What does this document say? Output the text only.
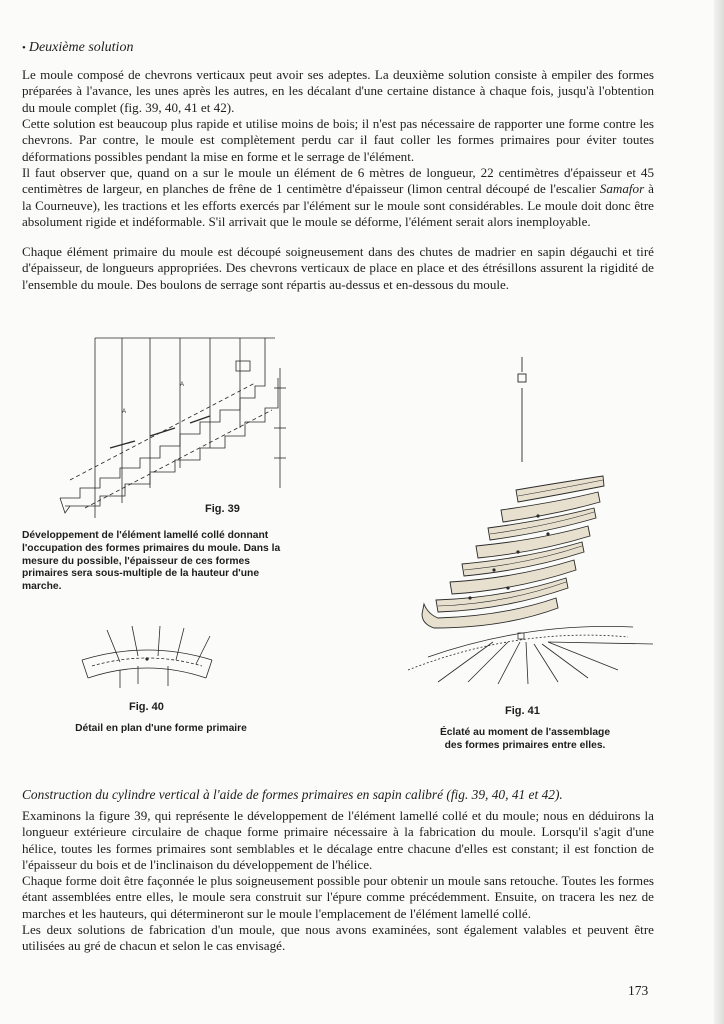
• Deuxième solution

Le moule composé de chevrons verticaux peut avoir ses adeptes. La deuxième solution consiste à empiler des formes préparées à l'avance, les unes après les autres, en les décalant d'une certaine distance à chaque fois, jusqu'à l'obtention du moule complet (fig. 39, 40, 41 et 42).

Cette solution est beaucoup plus rapide et utilise moins de bois; il n'est pas nécessaire de rapporter une forme contre les chevrons. Par contre, le moule est complètement perdu car il faut coller les formes primaires pour éviter toutes déformations possibles pendant la mise en forme et le serrage de l'élément.

Il faut observer que, quand on a sur le moule un élément de 6 mètres de longueur, 22 centimètres d'épaisseur et 45 centimètres de largeur, en planches de frêne de 1 centimètre d'épaisseur (limon central découpé de l'escalier Samafor à la Courneuve), les tractions et les efforts exercés par l'élément sur le moule sont considérables. Le moule doit donc être absolument rigide et indéformable. S'il arrivait que le moule se déforme, l'élément serait alors inemployable.

Chaque élément primaire du moule est découpé soigneusement dans des chutes de madrier en sapin dégauchi et tiré d'épaisseur, de longueurs appropriées. Des chevrons verticaux de place en place et des étrésillons assurent la rigidité de l'ensemble du moule. Des boulons de serrage sont répartis au-dessus et en-dessous du moule.

A
A
Fig. 39
Développement de l'élément lamellé collé donnant l'occupation des formes primaires du moule. Dans la mesure du possible, l'épaisseur de ces formes primaires sera sous-multiple de la hauteur d'une marche.
Fig. 40
Détail en plan d'une forme primaire
Fig. 41
Éclaté au moment de l'assemblage
des formes primaires entre elles.
Construction du cylindre vertical à l'aide de formes primaires en sapin calibré (fig. 39, 40, 41 et 42).

Examinons la figure 39, qui représente le développement de l'élément lamellé collé et du moule; nous en déduirons la longueur extérieure circulaire de chaque forme primaire nécessaire à la fabrication du moule. Lorsqu'il s'agit d'une hélice, toutes les formes primaires sont semblables et le décalage entre chacune d'elles est constant; il est fonction de l'épaisseur du bois et de l'inclinaison du développement de l'hélice.

Chaque forme doit être façonnée le plus soigneusement possible pour obtenir un moule sans retouche. Toutes les formes étant assemblées entre elles, le moule sera construit sur l'épure comme précédemment. Ensuite, on tracera les nez de marches et les hauteurs, qui détermineront sur le moule l'emplacement de l'élément lamellé collé.

Les deux solutions de fabrication d'un moule, que nous avons examinées, sont également valables et peuvent être utilisées au gré de chacun et selon le cas envisagé.

173
